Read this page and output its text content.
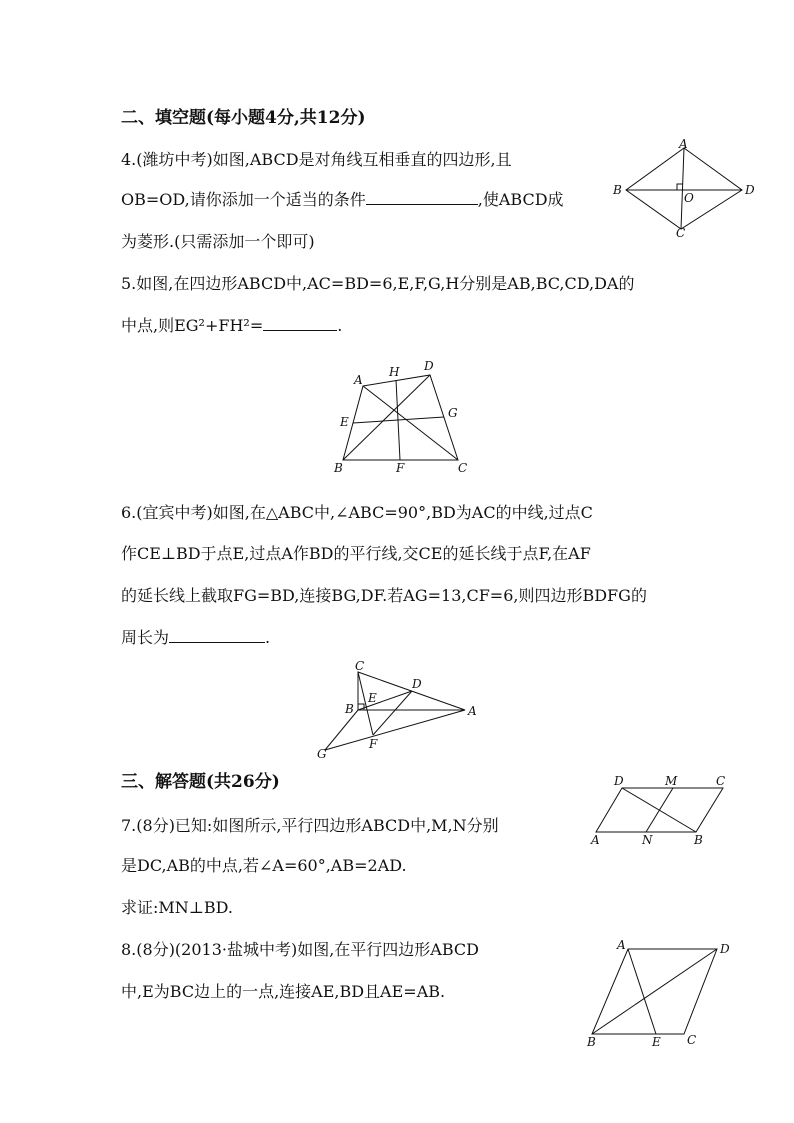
二、填空题(每小题4分,共12分)
4.(潍坊中考)如图,ABCD是对角线互相垂直的四边形,且
OB=OD,请你添加一个适当的条件	,使ABCD成
为菱形.(只需添加一个即可)
A
B
C
D
O
5.如图,在四边形ABCD中,AC=BD=6,E,F,G,H分别是AB,BC,CD,DA的
中点,则EG²+FH²=	.
A
H D
E
G
B	F	C
6.(宜宾中考)如图,在△ABC中,∠ABC=90°,BD为AC的中线,过点C
作CE⊥BD于点E,过点A作BD的平行线,交CE的延长线于点F,在AF
的延长线上截取FG=BD,连接BG,DF.若AG=13,CF=6,则四边形BDFG的
周长为	.
C
D
E
B	A
F
G
三、解答题(共26分)
7.(8分)已知:如图所示,平行四边形ABCD中,M,N分别
是DC,AB的中点,若∠A=60°,AB=2AD.
求证:MN⊥BD.
D	M	C
A	N	B
8.(8分)(2013·盐城中考)如图,在平行四边形ABCD
中,E为BC边上的一点,连接AE,BD且AE=AB.
A	D
B	E C
